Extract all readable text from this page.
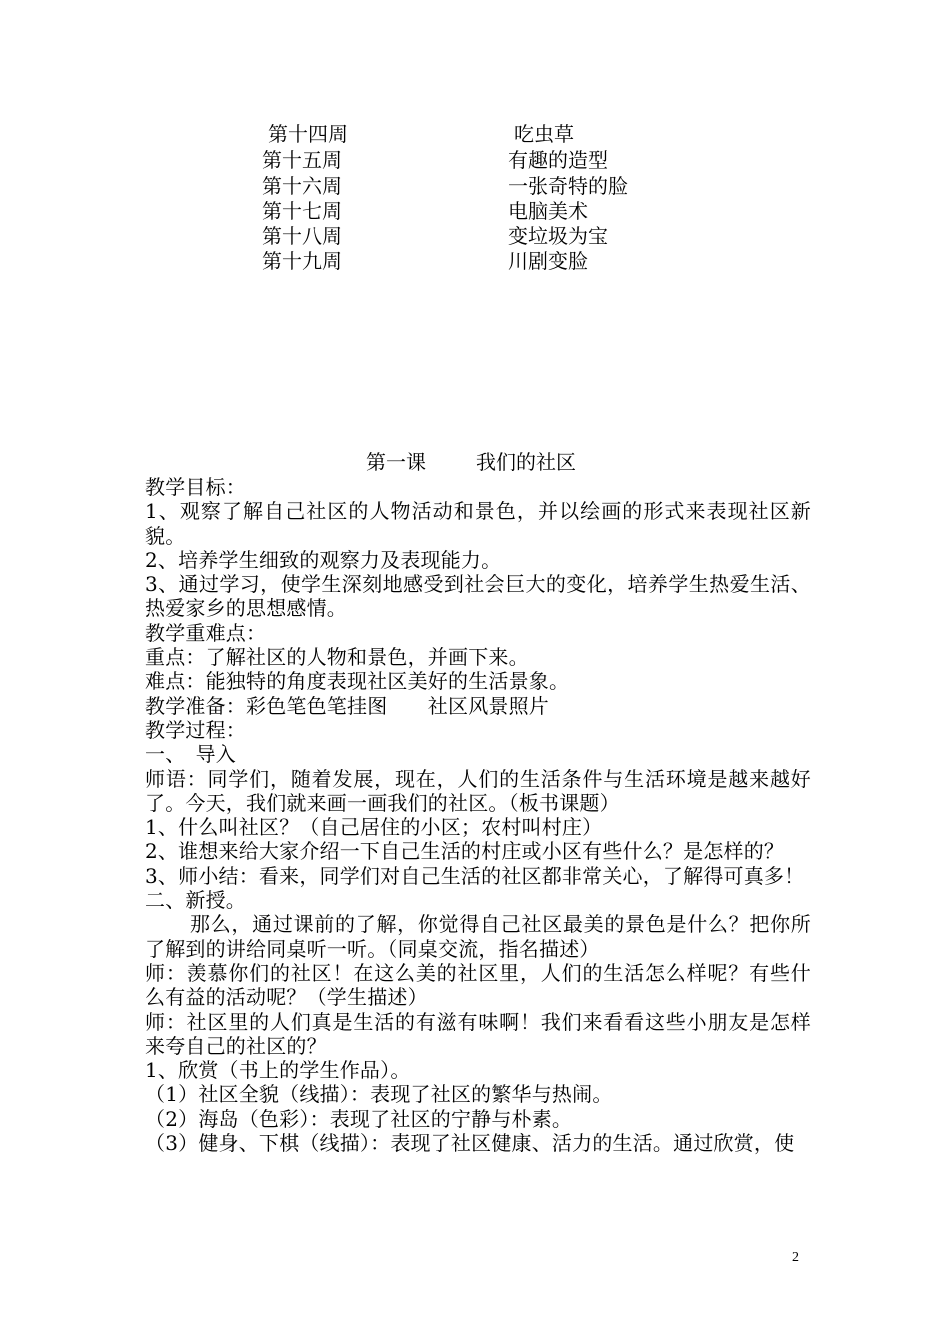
第十四周	吃虫草
第十五周	有趣的造型
第十六周	一张奇特的脸
第十七周	电脑美术
第十八周	变垃圾为宝
第十九周	川剧变脸
第一课	我们的社区

教学目标：

1、观察了解自己社区的人物活动和景色，并以绘画的形式来表现社区新貌。

2、培养学生细致的观察力及表现能力。

3、通过学习，使学生深刻地感受到社会巨大的变化，培养学生热爱生活、热爱家乡的思想感情。

教学重难点：

重点：了解社区的人物和景色，并画下来。

难点：能独特的角度表现社区美好的生活景象。

教学准备：彩色笔色笔挂图　　社区风景照片

教学过程：

一、　导入

师语：同学们，随着发展，现在，人们的生活条件与生活环境是越来越好了。今天，我们就来画一画我们的社区。（板书课题）

1、什么叫社区？（自己居住的小区；农村叫村庄）

2、谁想来给大家介绍一下自己生活的村庄或小区有些什么？是怎样的？

3、师小结：看来，同学们对自己生活的社区都非常关心，了解得可真多！

二、新授。

那么，通过课前的了解，你觉得自己社区最美的景色是什么？把你所了解到的讲给同桌听一听。（同桌交流，指名描述）

师：羡慕你们的社区！在这么美的社区里，人们的生活怎么样呢？有些什么有益的活动呢？（学生描述）

师：社区里的人们真是生活的有滋有味啊！我们来看看这些小朋友是怎样来夸自己的社区的？

1、欣赏（书上的学生作品）。

（1）社区全貌（线描）：表现了社区的繁华与热闹。

（2）海岛（色彩）：表现了社区的宁静与朴素。

（3）健身、下棋（线描）：表现了社区健康、活力的生活。通过欣赏，使

2
